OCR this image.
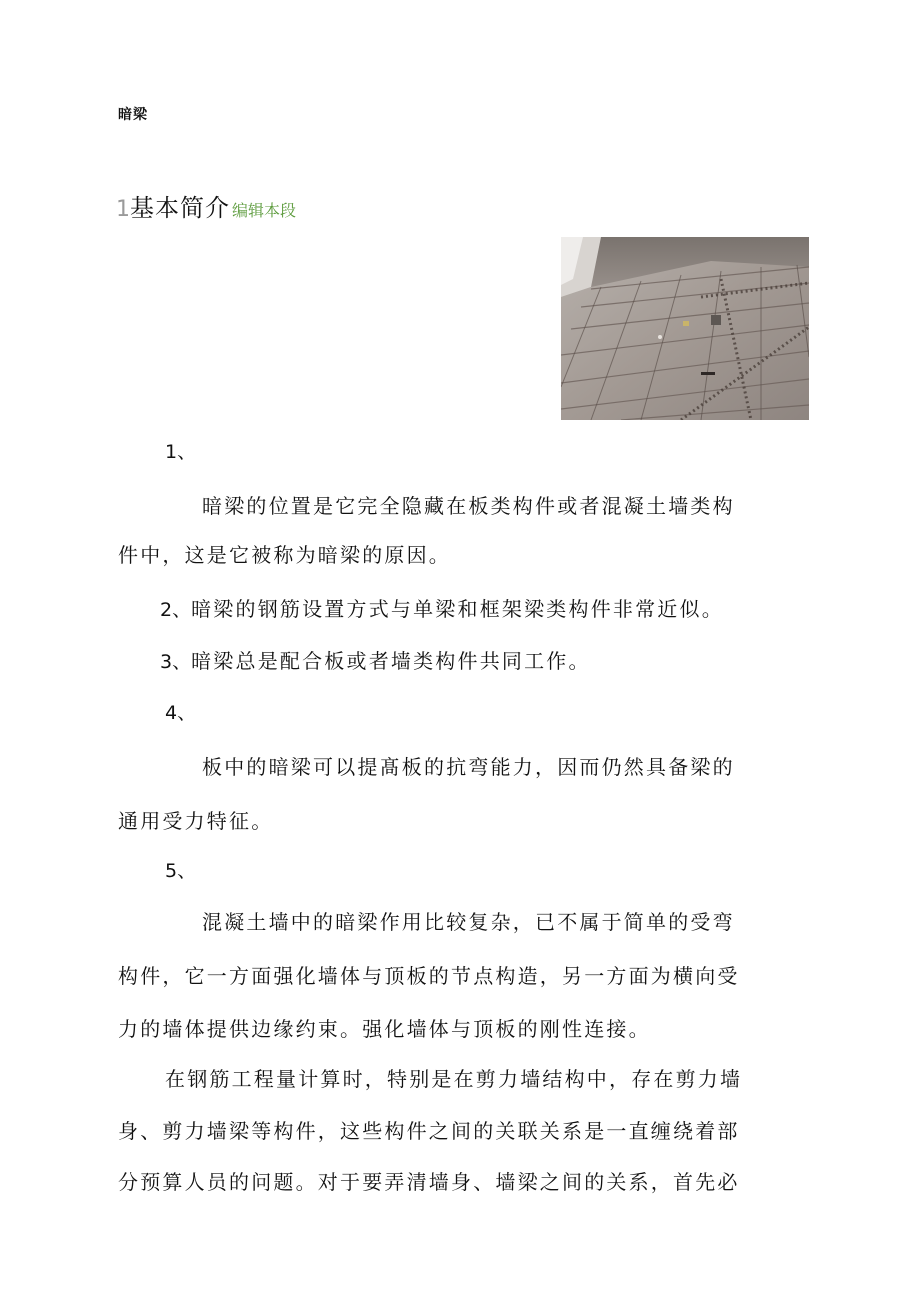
暗梁
1基本简介 编辑本段
1、
暗梁的位置是它完全隐藏在板类构件或者混凝土墙类构
件中，这是它被称为暗梁的原因。
2、暗梁的钢筋设置方式与单梁和框架梁类构件非常近似。
3、暗梁总是配合板或者墙类构件共同工作。
4、
板中的暗梁可以提髙板的抗弯能力，因而仍然具备梁的
通用受力特征。
5、
混凝土墙中的暗梁作用比较复杂，已不属于简单的受弯
构件，它一方面强化墙体与顶板的节点构造，另一方面为横向受
力的墙体提供边缘约束。强化墙体与顶板的刚性连接。
在钢筋工程量计算时，特别是在剪力墙结构中，存在剪力墙
身、剪力墙梁等构件，这些构件之间的关联关系是一直缠绕着部
分预算人员的问题。对于要弄清墙身、墙梁之间的关系，首先必
